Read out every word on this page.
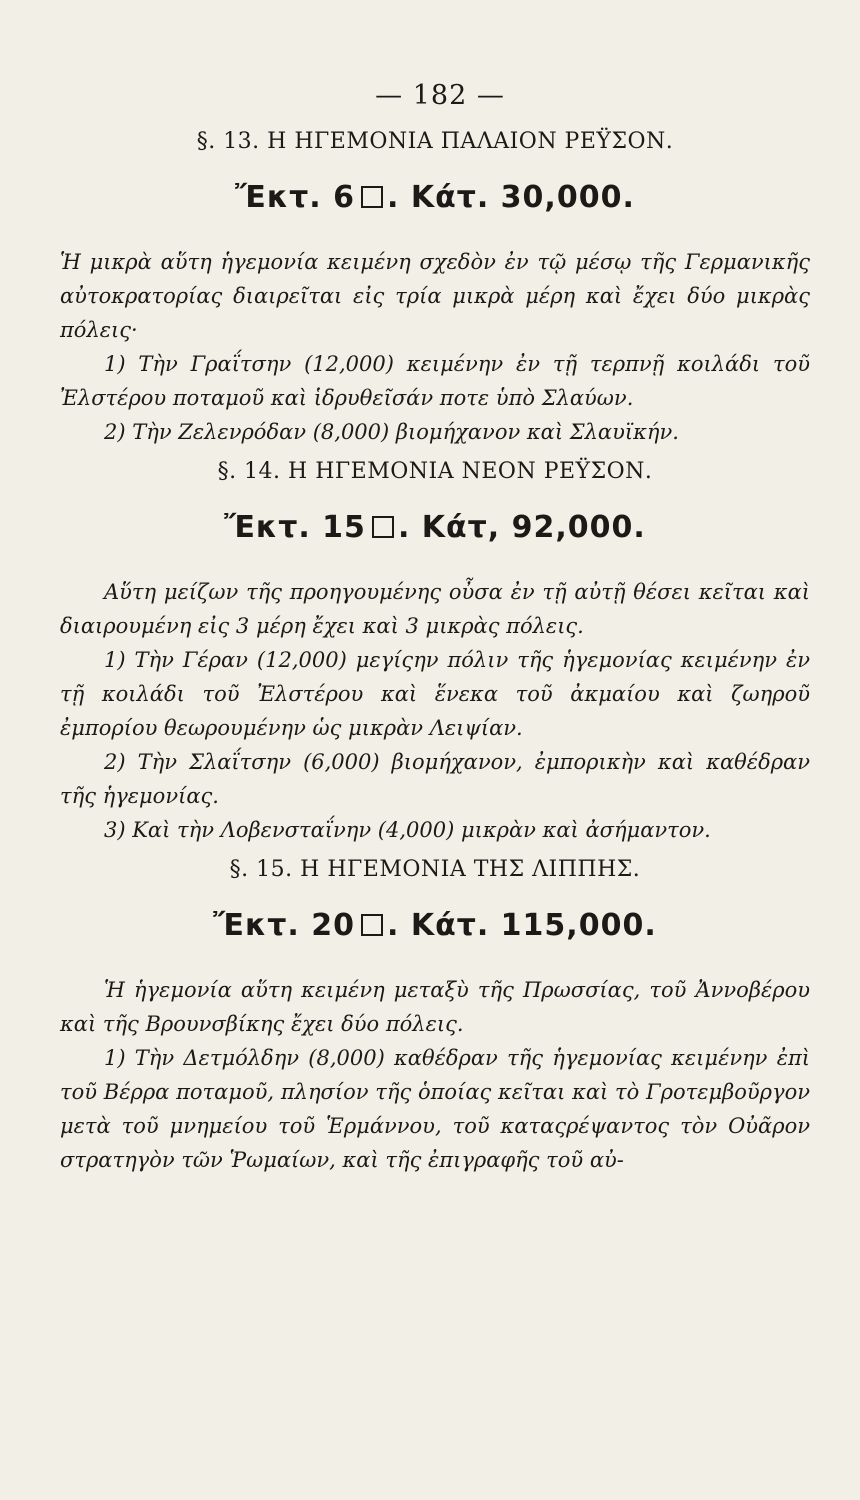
— 182 —
§. 13. Η ΗΓΕΜΟΝΙΑ ΠΑΛΑΙΟΝ ΡΕΫΣΟΝ.
Ἔκτ. 6 . Κάτ. 30,000.

Ἡ μικρὰ αὕτη ἡγεμονία κειμένη σχεδὸν ἐν τῷ μέσῳ τῆς Γερμανικῆς αὐτοκρατορίας διαιρεῖται εἰς τρία μικρὰ μέρη καὶ ἔχει δύο μικρὰς πόλεις·

1) Τὴν Γραΐτσην (12,000) κειμένην ἐν τῇ τερπνῇ κοιλάδι τοῦ Ἐλστέρου ποταμοῦ καὶ ἱδρυθεῖσάν ποτε ὑπὸ Σλαύων.

2) Τὴν Ζελενρόδαν (8,000) βιομήχανον καὶ Σλαυϊκήν.

§. 14. Η ΗΓΕΜΟΝΙΑ ΝΕΟΝ ΡΕΫΣΟΝ.
Ἔκτ. 15 . Κάτ, 92,000.

Αὕτη μείζων τῆς προηγουμένης οὖσα ἐν τῇ αὐτῇ θέσει κεῖται καὶ διαιρουμένη εἰς 3 μέρη ἔχει καὶ 3 μικρὰς πόλεις.

1) Τὴν Γέραν (12,000) μεγίςην πόλιν τῆς ἡγεμονίας κειμένην ἐν τῇ κοιλάδι τοῦ Ἐλστέρου καὶ ἕνεκα τοῦ ἀκμαίου καὶ ζωηροῦ ἐμπορίου θεωρουμένην ὡς μικρὰν Λειψίαν.

2) Τὴν Σλαΐτσην (6,000) βιομήχανον, ἐμπορικὴν καὶ καθέδραν τῆς ἡγεμονίας.

3) Καὶ τὴν Λοβενσταΐνην (4,000) μικρὰν καὶ ἀσήμαντον.

§. 15. Η ΗΓΕΜΟΝΙΑ ΤΗΣ ΛΙΠΠΗΣ.
Ἔκτ. 20 . Κάτ. 115,000.

Ἡ ἡγεμονία αὕτη κειμένη μεταξὺ τῆς Πρωσσίας, τοῦ Ἀννοβέρου καὶ τῆς Βρουνσβίκης ἔχει δύο πόλεις.

1) Τὴν Δετμόλδην (8,000) καθέδραν τῆς ἡγεμονίας κειμένην ἐπὶ τοῦ Βέρρα ποταμοῦ, πλησίον τῆς ὁποίας κεῖται καὶ τὸ Γροτεμβοῦργον μετὰ τοῦ μνημείου τοῦ Ἑρμάννου, τοῦ καταςρέψαντος τὸν Οὐᾶρον στρατηγὸν τῶν Ῥωμαίων, καὶ τῆς ἐπιγραφῆς τοῦ αὐ-
